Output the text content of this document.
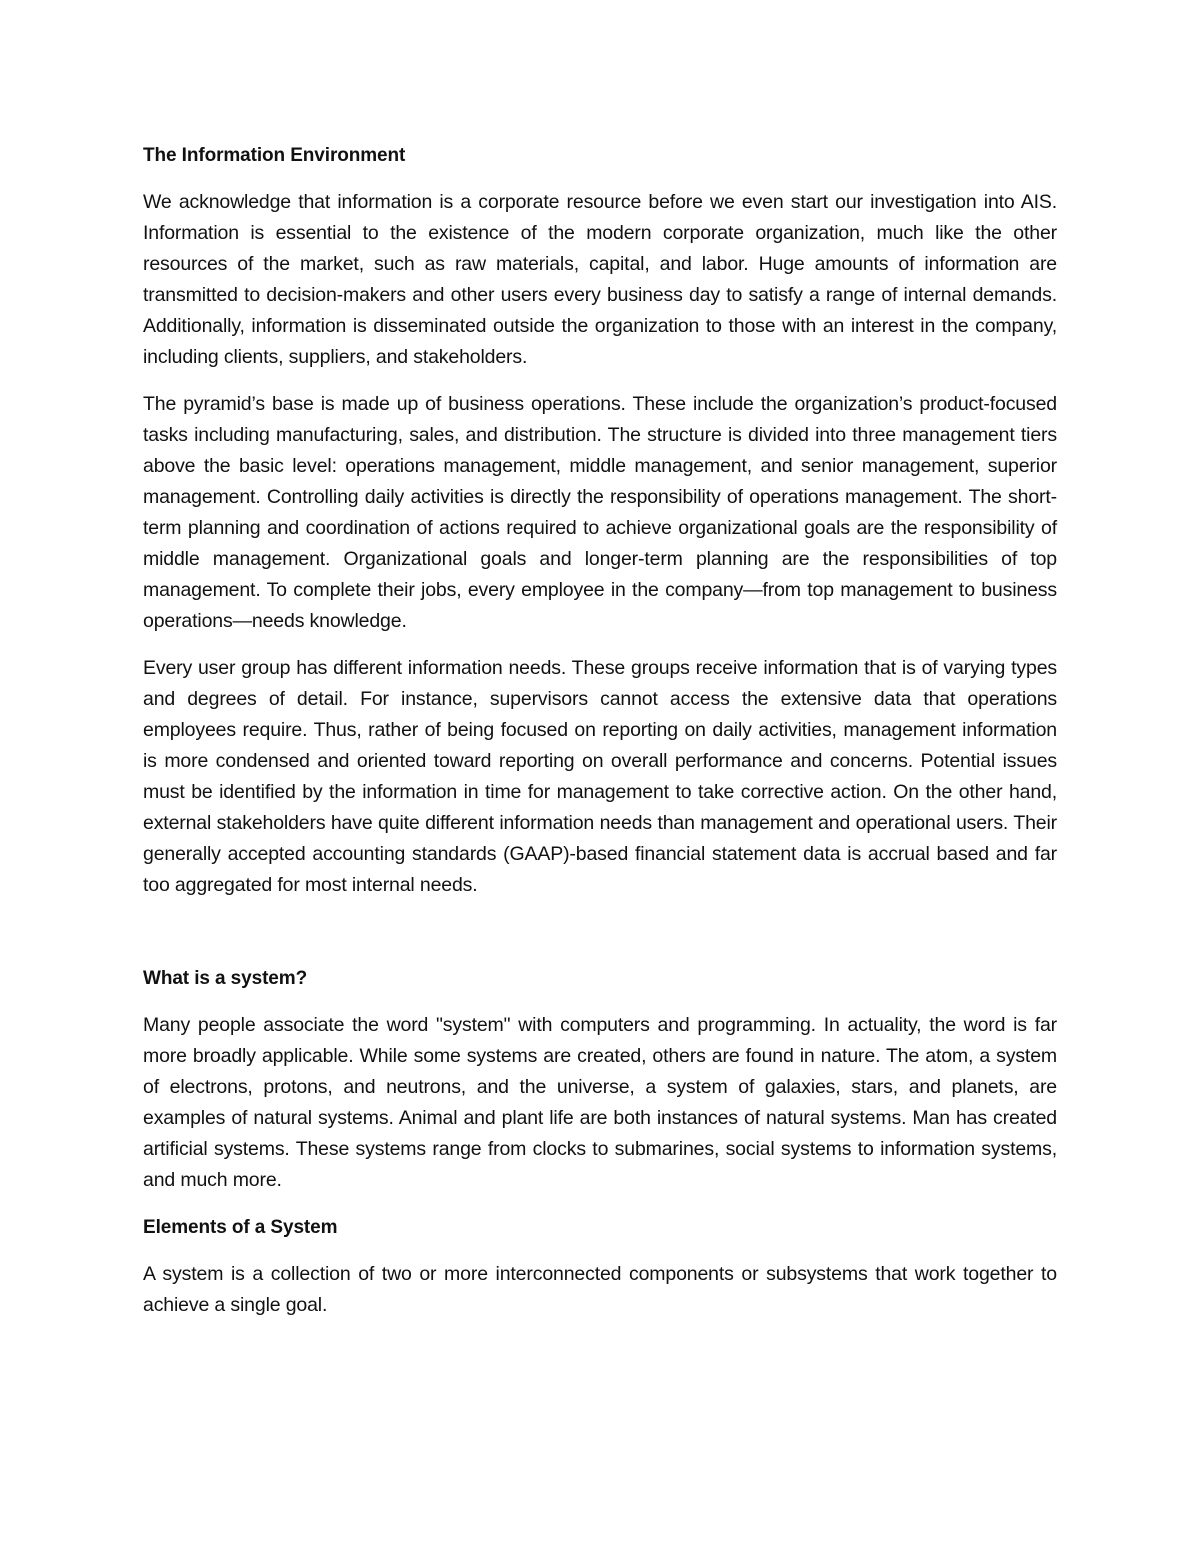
The Information Environment

We acknowledge that information is a corporate resource before we even start our investigation into AIS. Information is essential to the existence of the modern corporate organization, much like the other resources of the market, such as raw materials, capital, and labor. Huge amounts of information are transmitted to decision-makers and other users every business day to satisfy a range of internal demands. Additionally, information is disseminated outside the organization to those with an interest in the company, including clients, suppliers, and stakeholders.

The pyramid’s base is made up of business operations. These include the organization’s product-focused tasks including manufacturing, sales, and distribution. The structure is divided into three management tiers above the basic level: operations management, middle management, and senior management, superior management. Controlling daily activities is directly the responsibility of operations management. The short-term planning and coordination of actions required to achieve organizational goals are the responsibility of middle management. Organizational goals and longer-term planning are the responsibilities of top management. To complete their jobs, every employee in the company—from top management to business operations—needs knowledge.

Every user group has different information needs. These groups receive information that is of varying types and degrees of detail. For instance, supervisors cannot access the extensive data that operations employees require. Thus, rather of being focused on reporting on daily activities, management information is more condensed and oriented toward reporting on overall performance and concerns. Potential issues must be identified by the information in time for management to take corrective action. On the other hand, external stakeholders have quite different information needs than management and operational users. Their generally accepted accounting standards (GAAP)-based financial statement data is accrual based and far too aggregated for most internal needs.

What is a system?

Many people associate the word "system" with computers and programming. In actuality, the word is far more broadly applicable. While some systems are created, others are found in nature. The atom, a system of electrons, protons, and neutrons, and the universe, a system of galaxies, stars, and planets, are examples of natural systems. Animal and plant life are both instances of natural systems. Man has created artificial systems. These systems range from clocks to submarines, social systems to information systems, and much more.

Elements of a System

A system is a collection of two or more interconnected components or subsystems that work together to achieve a single goal.
